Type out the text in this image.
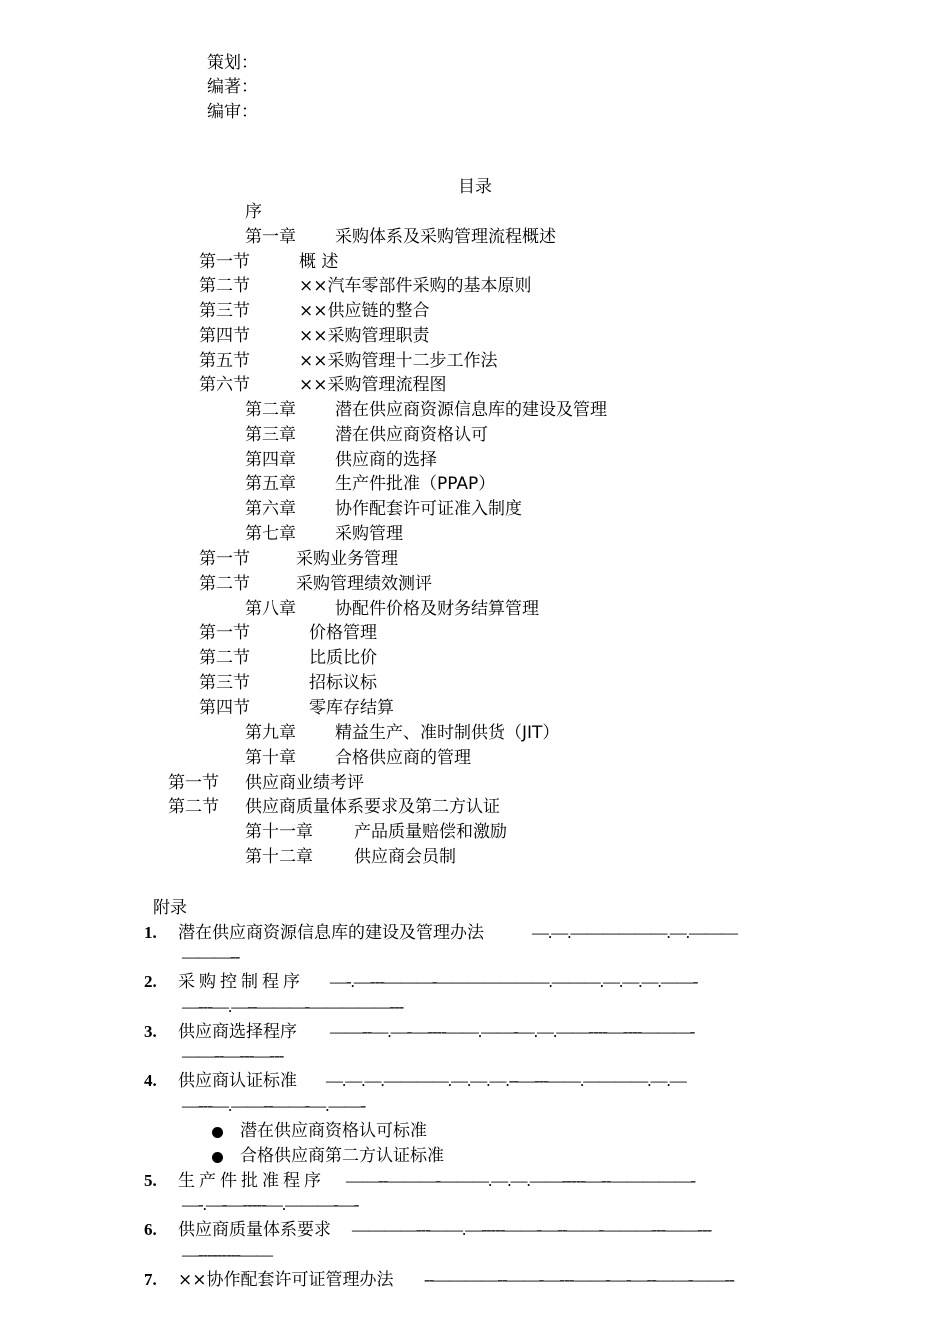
策划：
编著：
编审：
目录
序
第一章 采购体系及采购管理流程概述
第一节	概 述
第二节	××汽车零部件采购的基本原则
第三节	××供应链的整合
第四节	××采购管理职责
第五节	××采购管理十二步工作法
第六节	××采购管理流程图
第二章 潜在供应商资源信息库的建设及管理
第三章 潜在供应商资格认可
第四章 供应商的选择
第五章 生产件批准（PPAP）
第六章 协作配套许可证准入制度
第七章 采购管理
第一节	采购业务管理
第二节	采购管理绩效测评
第八章 协配件价格及财务结算管理
第一节	价格管理
第二节	比质比价
第三节	招标议标
第四节	零库存结算
第九章 精益生产、准时制供货（JIT）
第十章 合格供应商的管理
第一节 供应商业绩考评
第二节 供应商质量体系要求及第二方认证
第十一章 产品质量赔偿和激励
第十二章 供应商会员制
附录
1. 潜在供应商资源信息库的建设及管理办法	—.—.——————.—.———
———--
2. 采购控制程序 —-.—---———-———————.———.—.—.—.——-
—---—.—--———-—————---
3. 供应商选择程序 ——--—.—-—----——.——-—.—.——----—----———-
——--—---—---
4. 供应商认证标准 —.—.—.————.—.—.—.--—---——.————.—.—
—---—.——--——-—.——-
潜在供应商资格认可标准
合格供应商第二方认证标准
5. 生产件批准程序 ——--———-———.—.—.——-----—--—————-
—-.—-—-----—.———-—-
6. 供应商质量体系要求 ————---——.—-----——-—--——-———---——---
—---------——
7. ××协作配套许可证管理办法 --————--——-—---——-—-—--——-——--
